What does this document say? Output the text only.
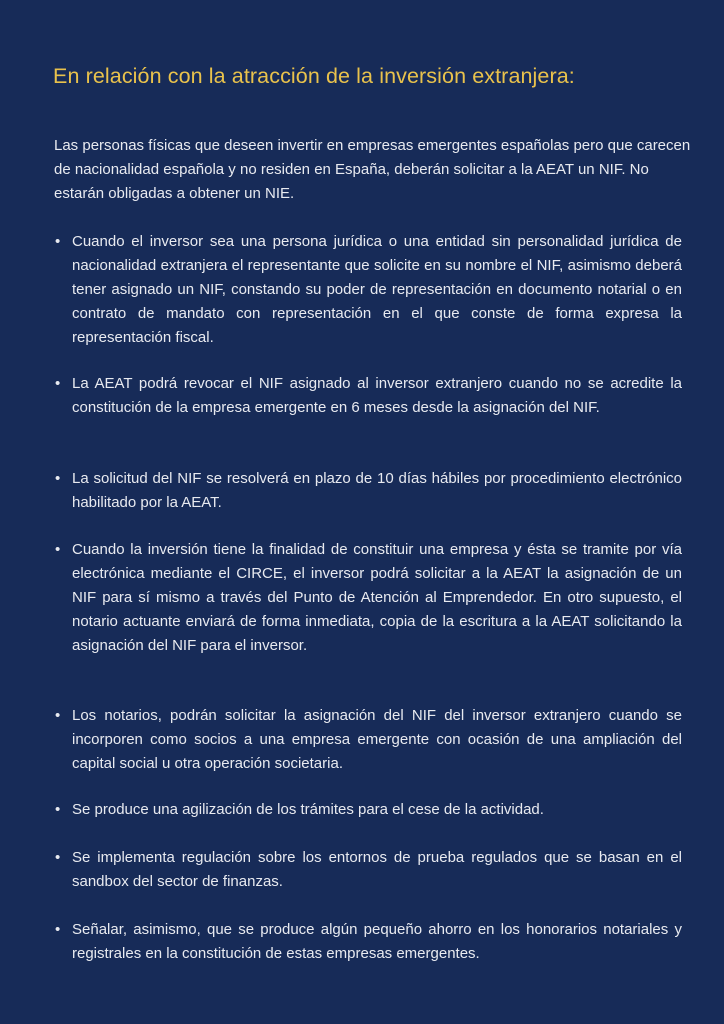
En relación con la atracción de la inversión extranjera:

Las personas físicas que deseen invertir en empresas emergentes españolas pero que carecen de nacionalidad española y no residen en España, deberán solicitar a la AEAT un NIF. No estarán obligadas a obtener un NIE.

• Cuando el inversor sea una persona jurídica o una entidad sin personalidad jurídica de nacionalidad extranjera el representante que solicite en su nombre el NIF, asimismo deberá tener asignado un NIF, constando su poder de representación en documento notarial o en contrato de mandato con representación en el que conste de forma expresa la representación fiscal.
• La AEAT podrá revocar el NIF asignado al inversor extranjero cuando no se acredite la constitución de la empresa emergente en 6 meses desde la asignación del NIF.
• La solicitud del NIF se resolverá en plazo de 10 días hábiles por procedimiento electrónico habilitado por la AEAT.
• Cuando la inversión tiene la finalidad de constituir una empresa y ésta se tramite por vía electrónica mediante el CIRCE, el inversor podrá solicitar a la AEAT la asignación de un NIF para sí mismo a través del Punto de Atención al Emprendedor. En otro supuesto, el notario actuante enviará de forma inmediata, copia de la escritura a la AEAT solicitando la asignación del NIF para el inversor.
• Los notarios, podrán solicitar la asignación del NIF del inversor extranjero cuando se incorporen como socios a una empresa emergente con ocasión de una ampliación del capital social u otra operación societaria.
• Se produce una agilización de los trámites para el cese de la actividad.
• Se implementa regulación sobre los entornos de prueba regulados que se basan en el sandbox del sector de finanzas.
• Señalar, asimismo, que se produce algún pequeño ahorro en los honorarios notariales y registrales en la constitución de estas empresas emergentes.
